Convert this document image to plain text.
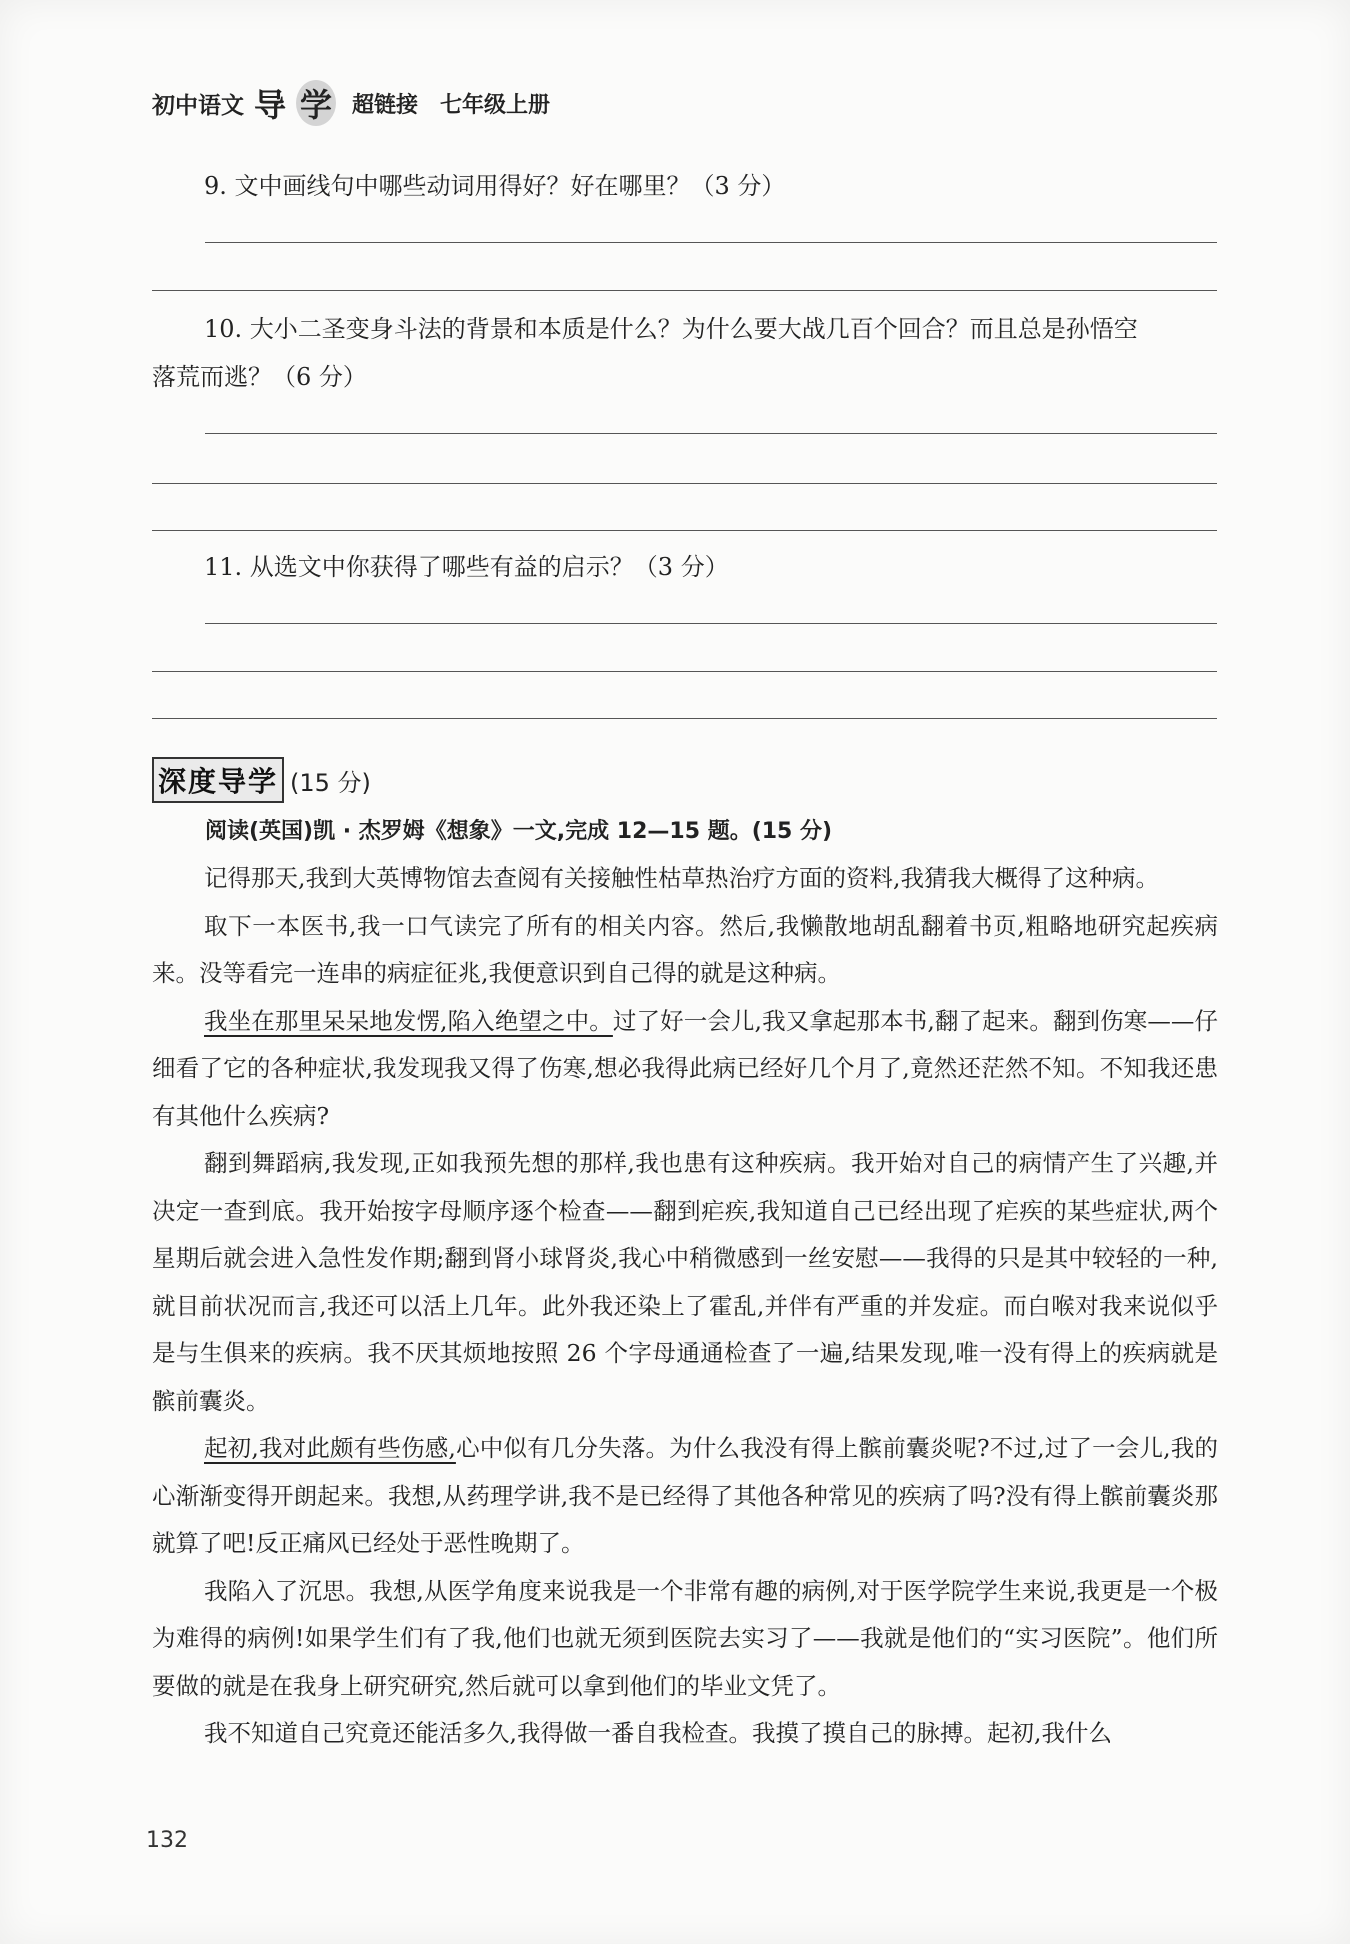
初中语文 导 学 超链接 七年级上册

9. 文中画线句中哪些动词用得好？好在哪里？（3 分）

10. 大小二圣变身斗法的背景和本质是什么？为什么要大战几百个回合？而且总是孙悟空

落荒而逃？（6 分）

11. 从选文中你获得了哪些有益的启示？（3 分）

深度导学 (15 分)
阅读(英国)凯 · 杰罗姆《想象》一文,完成 12—15 题。(15 分)

记得那天,我到大英博物馆去查阅有关接触性枯草热治疗方面的资料,我猜我大概得了这种病。

取下一本医书,我一口气读完了所有的相关内容。然后,我懒散地胡乱翻着书页,粗略地研究起疾病来。没等看完一连串的病症征兆,我便意识到自己得的就是这种病。

我坐在那里呆呆地发愣,陷入绝望之中。过了好一会儿,我又拿起那本书,翻了起来。翻到伤寒——仔细看了它的各种症状,我发现我又得了伤寒,想必我得此病已经好几个月了,竟然还茫然不知。不知我还患有其他什么疾病?

翻到舞蹈病,我发现,正如我预先想的那样,我也患有这种疾病。我开始对自己的病情产生了兴趣,并决定一查到底。我开始按字母顺序逐个检查——翻到疟疾,我知道自己已经出现了疟疾的某些症状,两个星期后就会进入急性发作期;翻到肾小球肾炎,我心中稍微感到一丝安慰——我得的只是其中较轻的一种,就目前状况而言,我还可以活上几年。此外我还染上了霍乱,并伴有严重的并发症。而白喉对我来说似乎是与生俱来的疾病。我不厌其烦地按照 26 个字母通通检查了一遍,结果发现,唯一没有得上的疾病就是髌前囊炎。

起初,我对此颇有些伤感,心中似有几分失落。为什么我没有得上髌前囊炎呢?不过,过了一会儿,我的心渐渐变得开朗起来。我想,从药理学讲,我不是已经得了其他各种常见的疾病了吗?没有得上髌前囊炎那就算了吧!反正痛风已经处于恶性晚期了。

我陷入了沉思。我想,从医学角度来说我是一个非常有趣的病例,对于医学院学生来说,我更是一个极为难得的病例!如果学生们有了我,他们也就无须到医院去实习了——我就是他们的“实习医院”。他们所要做的就是在我身上研究研究,然后就可以拿到他们的毕业文凭了。

我不知道自己究竟还能活多久,我得做一番自我检查。我摸了摸自己的脉搏。起初,我什么

132
